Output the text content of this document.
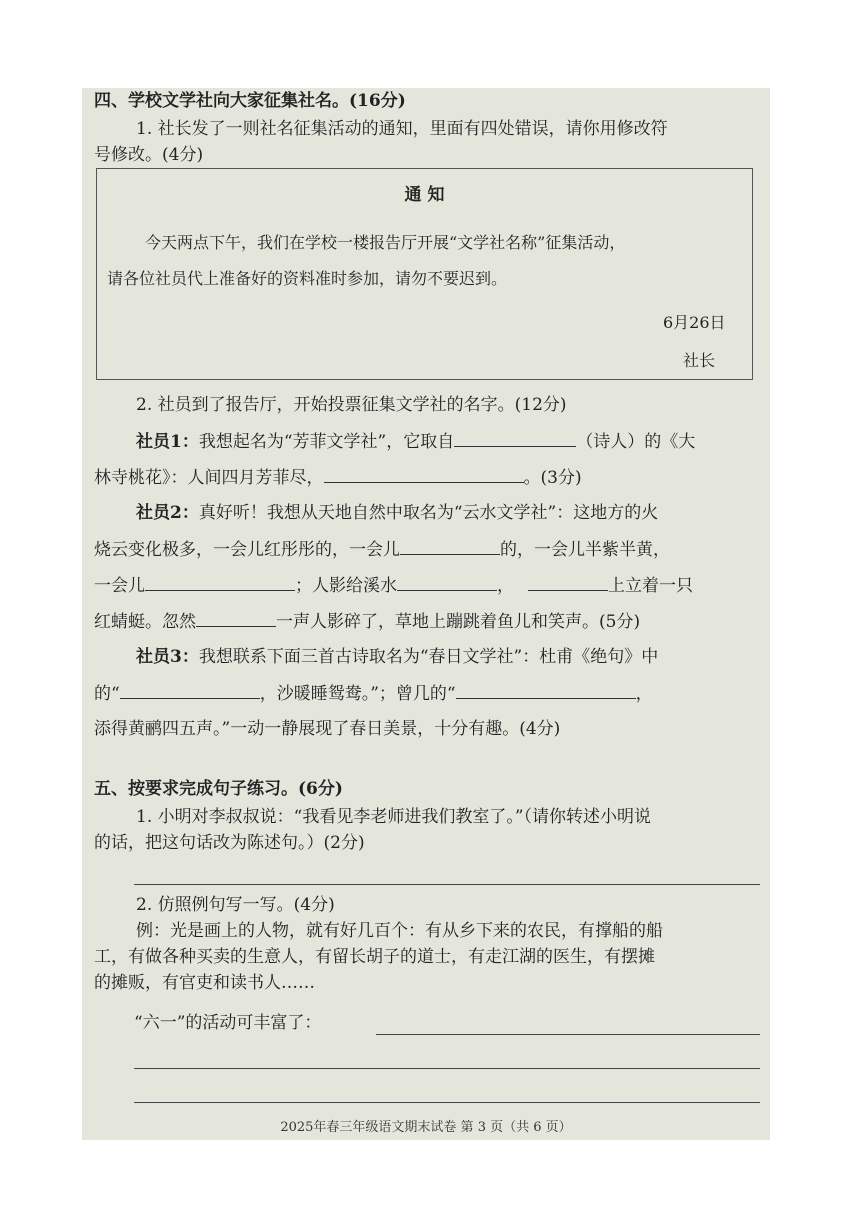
四、学校文学社向大家征集社名。(16分)
1. 社长发了一则社名征集活动的通知，里面有四处错误，请你用修改符
号修改。(4分)
通 知
今天两点下午，我们在学校一楼报告厅开展“文学社名称”征集活动，
请各位社员代上准备好的资料准时参加，请勿不要迟到。
6月26日
社长
2. 社员到了报告厅，开始投票征集文学社的名字。(12分)
社员1：我想起名为“芳菲文学社”，它取自	（诗人）的《大
林寺桃花》：人间四月芳菲尽，	。(3分)
社员2：真好听！我想从天地自然中取名为“云水文学社”：这地方的火
烧云变化极多，一会儿红彤彤的，一会儿	的，一会儿半紫半黄，
一会儿	；人影给溪水	，	上立着一只
红蜻蜓。忽然	一声人影碎了，草地上蹦跳着鱼儿和笑声。(5分)
社员3：我想联系下面三首古诗取名为“春日文学社”：杜甫《绝句》中
的“	，沙暖睡鸳鸯。”；曾几的“	，
添得黄鹂四五声。”一动一静展现了春日美景，十分有趣。(4分)
五、按要求完成句子练习。(6分)
1. 小明对李叔叔说：“我看见李老师进我们教室了。”（请你转述小明说
的话，把这句话改为陈述句。）(2分)
2. 仿照例句写一写。(4分)
例：光是画上的人物，就有好几百个：有从乡下来的农民，有撑船的船
工，有做各种买卖的生意人，有留长胡子的道士，有走江湖的医生，有摆摊
的摊贩，有官吏和读书人……
“六一”的活动可丰富了：
2025年春三年级语文期末试卷 第 3 页（共 6 页）
